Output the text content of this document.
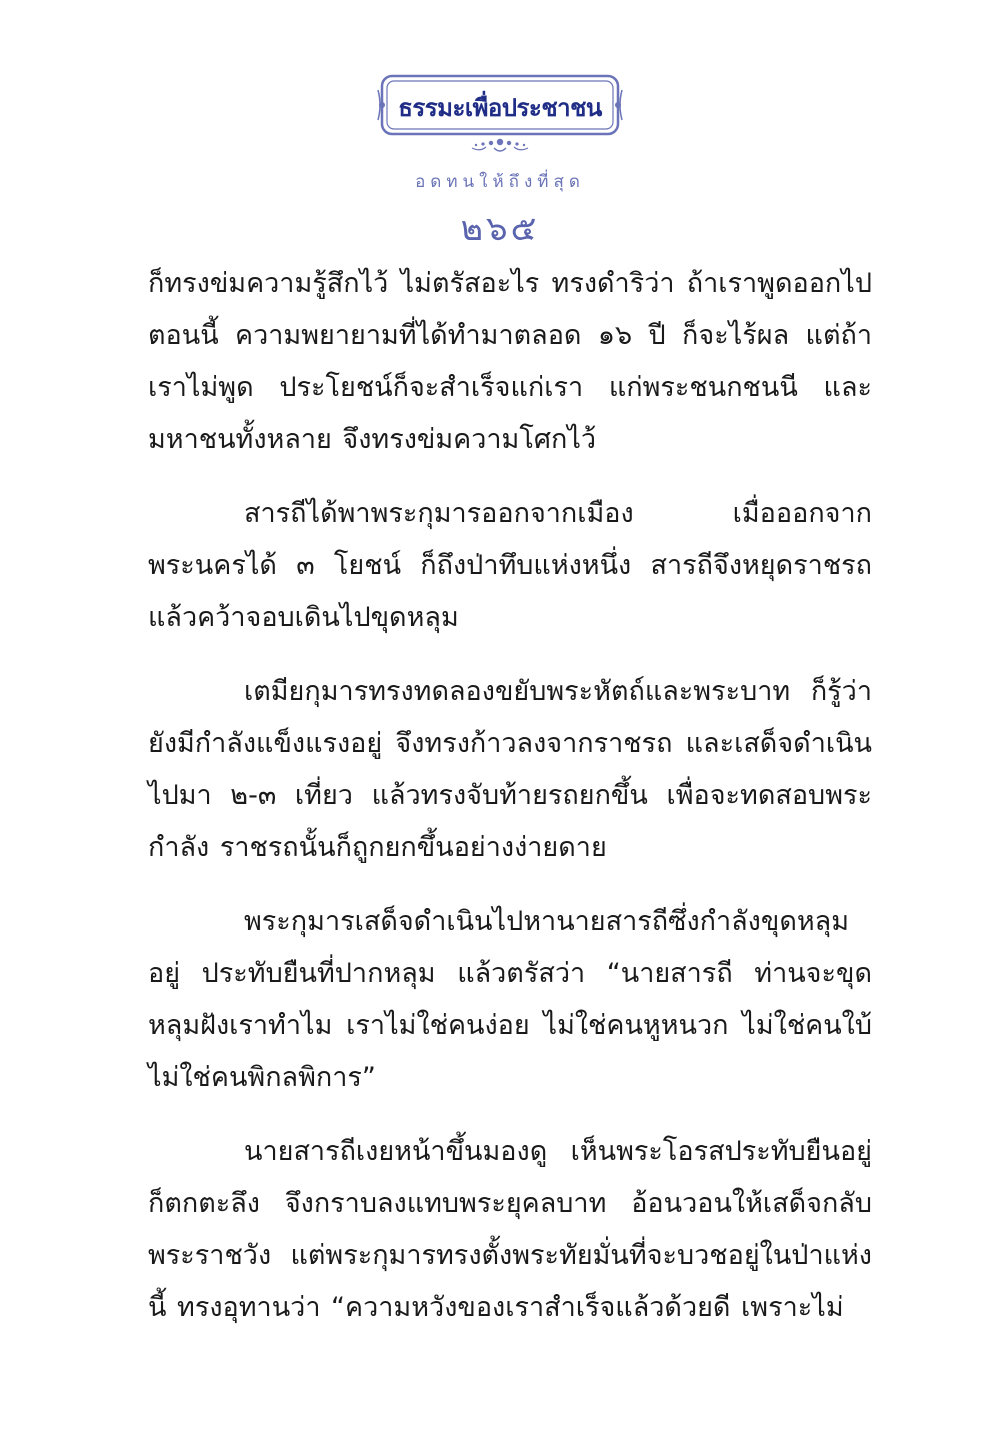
ธรรมะเพื่อประชาชน
อดทนให้ถึงที่สุด
๒๖๕

ก็ทรงข่มความรู้สึกไว้ ไม่ตรัสอะไร ทรงดำริว่า ถ้าเราพูดออกไปตอนนี้ ความพยายามที่ได้ทำมาตลอด ๑๖ ปี ก็จะไร้ผล แต่ถ้าเราไม่พูด ประโยชน์ก็จะสำเร็จแก่เรา แก่พระชนกชนนี และมหาชนทั้งหลาย จึงทรงข่มความโศกไว้

สารถีได้พาพระกุมารออกจากเมือง เมื่อออกจากพระนครได้ ๓ โยชน์ ก็ถึงป่าทึบแห่งหนึ่ง สารถีจึงหยุดราชรถ แล้วคว้าจอบเดินไปขุดหลุม

เตมียกุมารทรงทดลองขยับพระหัตถ์และพระบาท ก็รู้ว่ายังมีกำลังแข็งแรงอยู่ จึงทรงก้าวลงจากราชรถ และเสด็จดำเนินไปมา ๒-๓ เที่ยว แล้วทรงจับท้ายรถยกขึ้น เพื่อจะทดสอบพระกำลัง ราชรถนั้นก็ถูกยกขึ้นอย่างง่ายดาย

พระกุมารเสด็จดำเนินไปหานายสารถีซึ่งกำลังขุดหลุมอยู่ ประทับยืนที่ปากหลุม แล้วตรัสว่า “นายสารถี ท่านจะขุดหลุมฝังเราทำไม เราไม่ใช่คนง่อย ไม่ใช่คนหูหนวก ไม่ใช่คนใบ้ ไม่ใช่คนพิกลพิการ”

นายสารถีเงยหน้าขึ้นมองดู เห็นพระโอรสประทับยืนอยู่ ก็ตกตะลึง จึงกราบลงแทบพระยุคลบาท อ้อนวอนให้เสด็จกลับพระราชวัง แต่พระกุมารทรงตั้งพระทัยมั่นที่จะบวชอยู่ในป่าแห่งนี้ ทรงอุทานว่า “ความหวังของเราสำเร็จแล้วด้วยดี เพราะไม่
